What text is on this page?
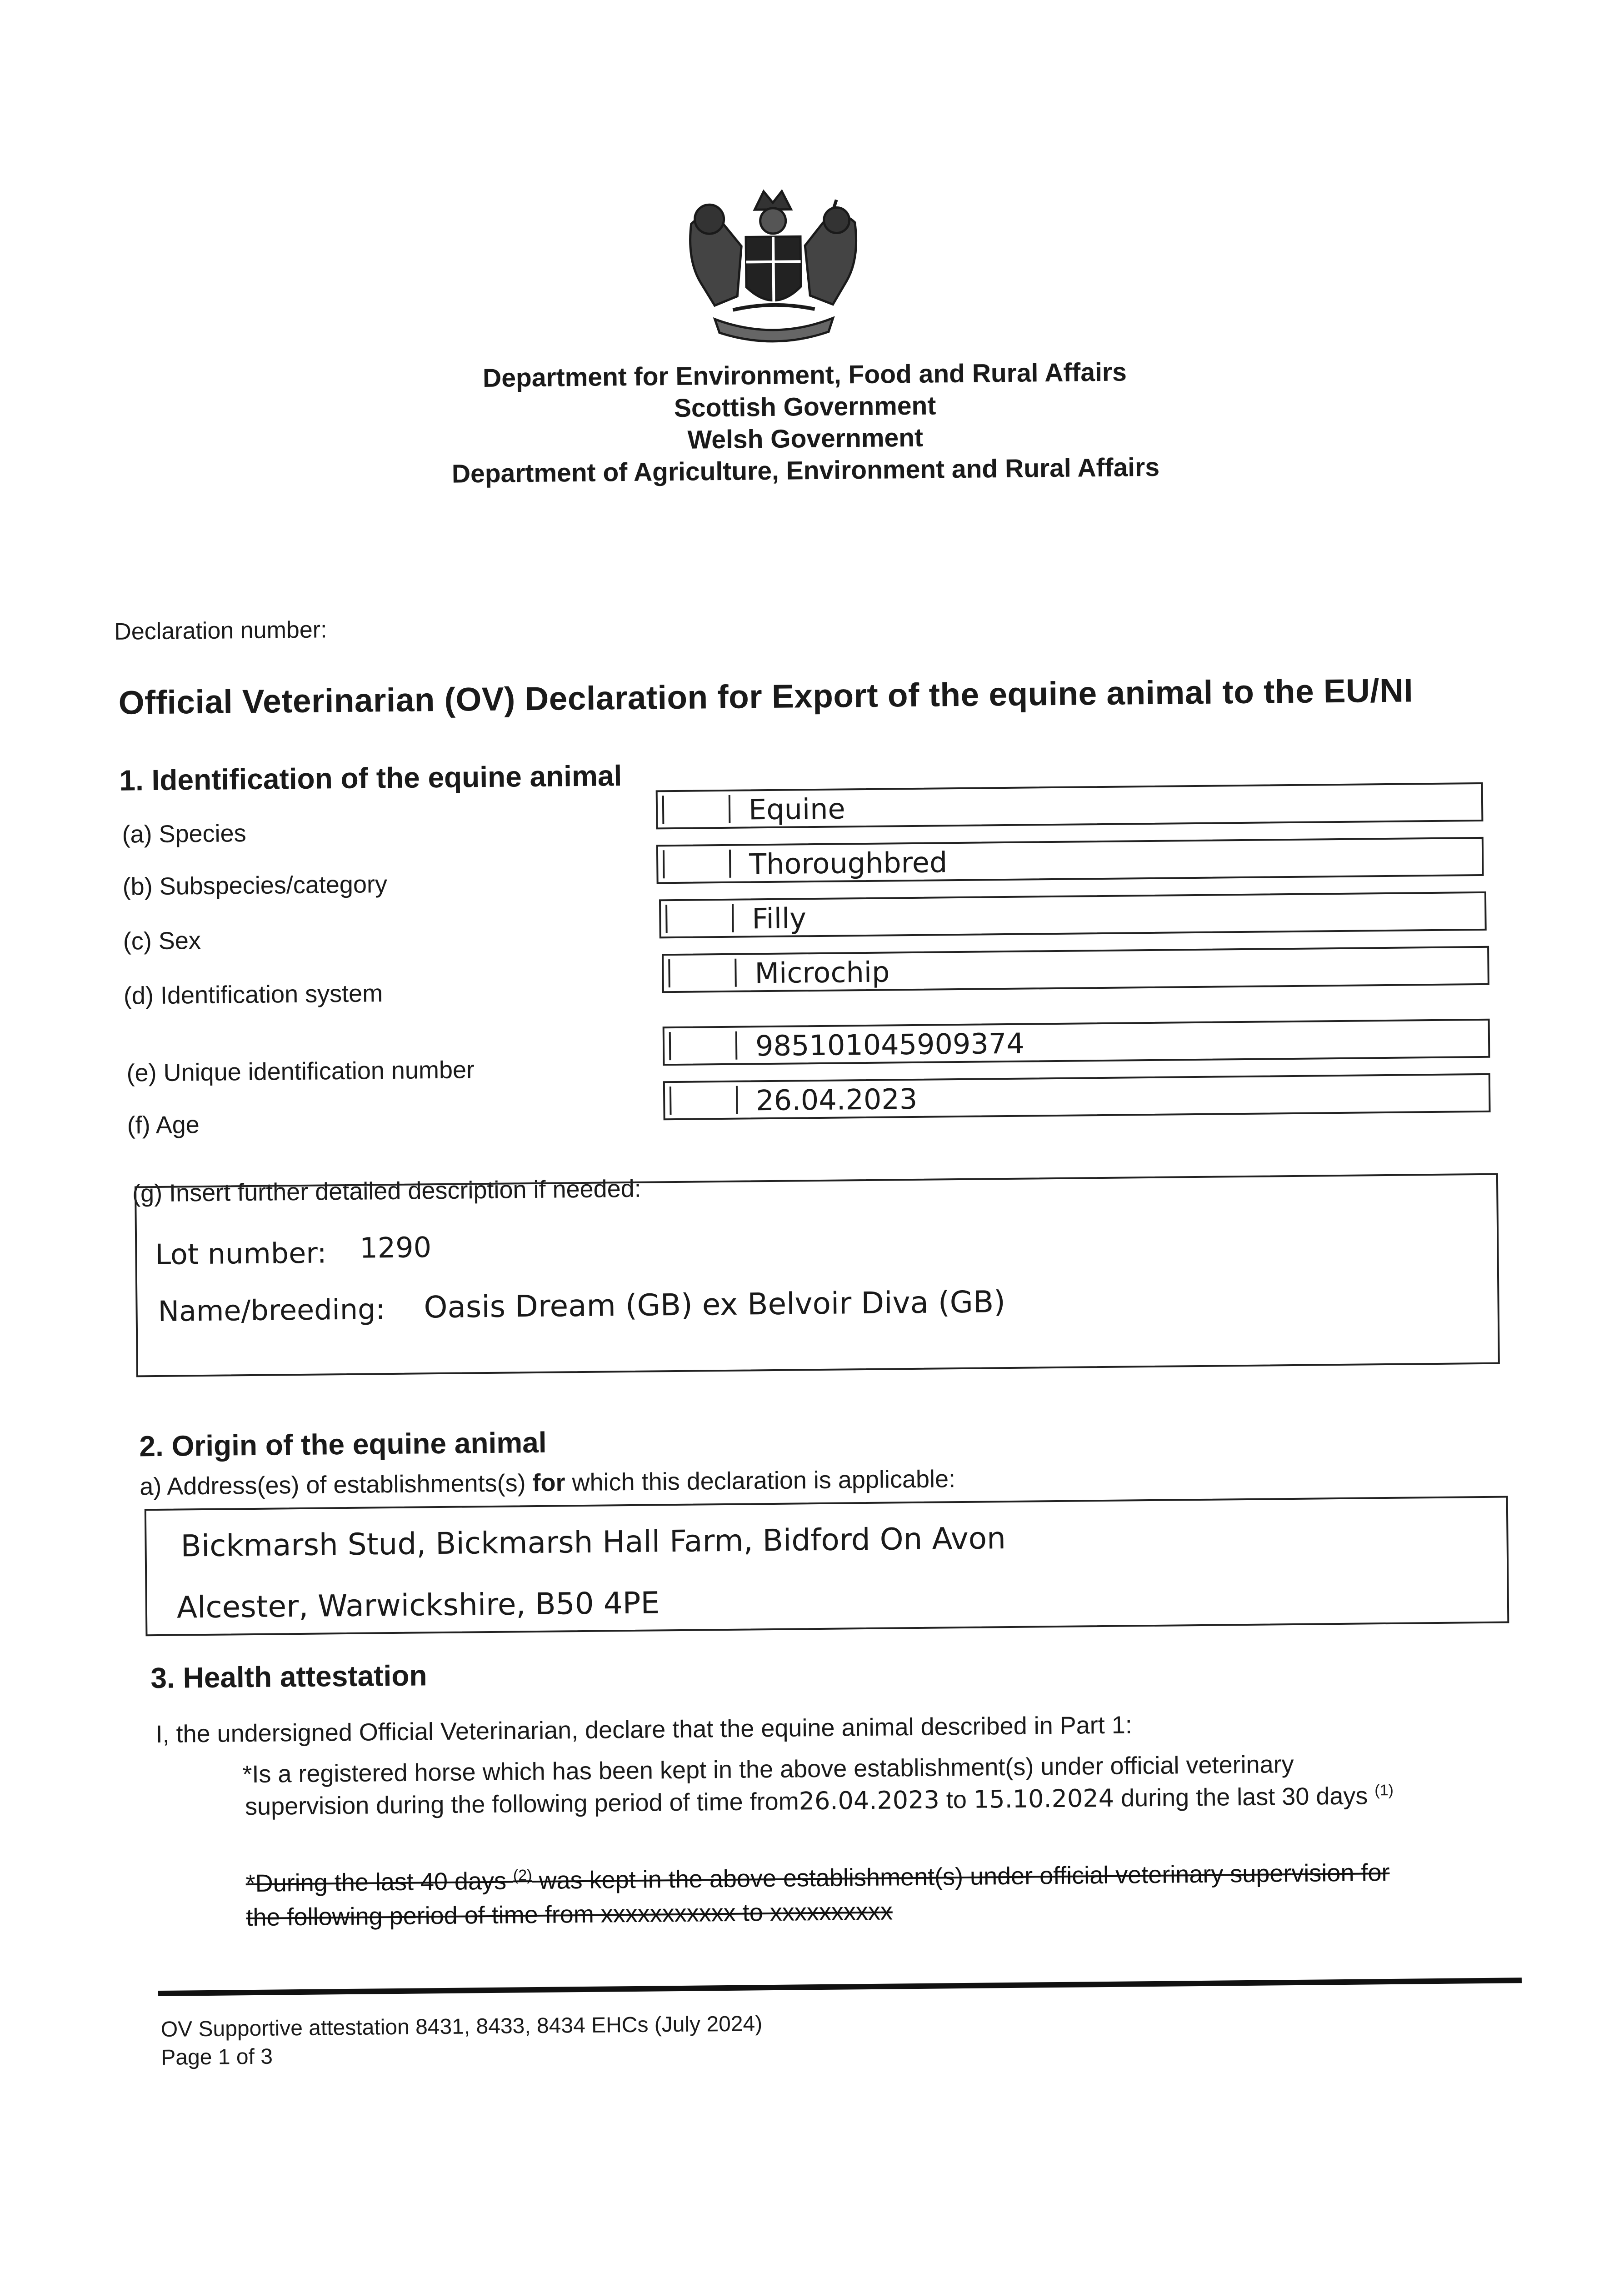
Department for Environment, Food and Rural Affairs
Scottish Government
Welsh Government
Department of Agriculture, Environment and Rural Affairs
Declaration number:
Official Veterinarian (OV) Declaration for Export of the equine animal to the EU/NI
1. Identification of the equine animal
(a) Species
Equine
(b) Subspecies/category
Thoroughbred
(c) Sex
Filly
(d) Identification system
Microchip
(e) Unique identification number
985101045909374
(f) Age
26.04.2023
(g) Insert further detailed description if needed:
Lot number: 1290
Name/breeding: Oasis Dream (GB) ex Belvoir Diva (GB)
2. Origin of the equine animal
a) Address(es) of establishments(s) for which this declaration is applicable:
Bickmarsh Stud, Bickmarsh Hall Farm, Bidford On Avon
Alcester, Warwickshire, B50 4PE
3. Health attestation
I, the undersigned Official Veterinarian, declare that the equine animal described in Part 1:
*Is a registered horse which has been kept in the above establishment(s) under official veterinary
supervision during the following period of time from26.04.2023 to 15.10.2024 during the last 30 days $^{(1)}$
*During the last 40 days $^{(2)}$ was kept in the above establishment(s) under official veterinary supervision for
the following period of time from xxxxxxxxxxx to xxxxxxxxxx
OV Supportive attestation 8431, 8433, 8434 EHCs (July 2024)
Page 1 of 3
